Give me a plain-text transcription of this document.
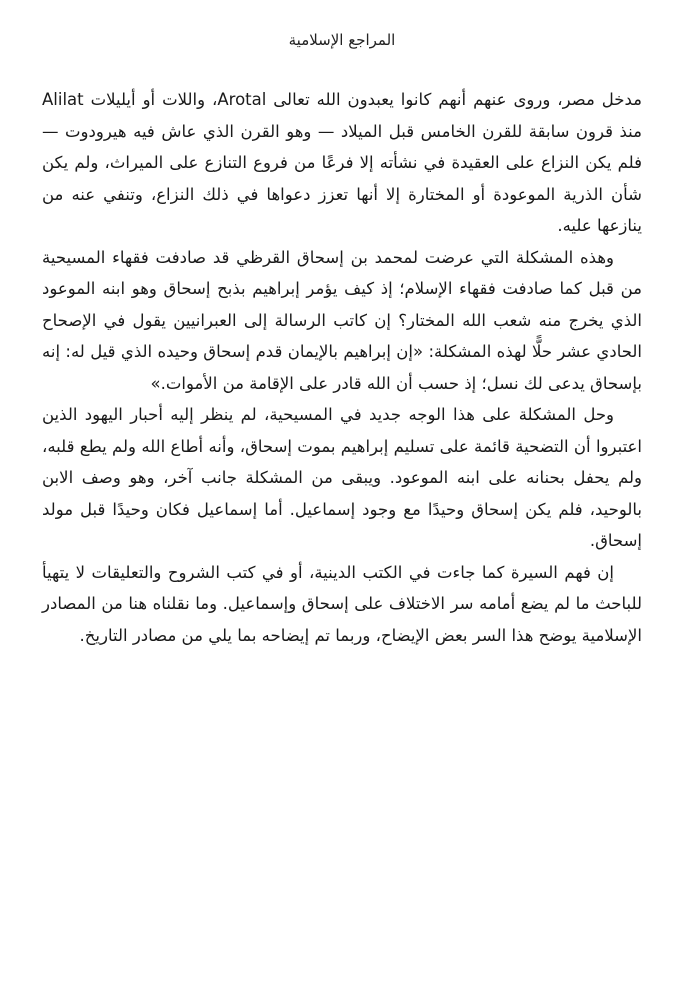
المراجع الإسلامية

مدخل مصر، وروى عنهم أنهم كانوا يعبدون الله تعالى Arotal، واللات أو أيليلات Alilat منذ قرون سابقة للقرن الخامس قبل الميلاد — وهو القرن الذي عاش فيه هيرودوت — فلم يكن النزاع على العقيدة في نشأته إلا فرعًا من فروع التنازع على الميراث، ولم يكن شأن الذرية الموعودة أو المختارة إلا أنها تعزز دعواها في ذلك النزاع، وتنفي عنه من ينازعها عليه.

وهذه المشكلة التي عرضت لمحمد بن إسحاق القرظي قد صادفت فقهاء المسيحية من قبل كما صادفت فقهاء الإسلام؛ إذ كيف يؤمر إبراهيم بذبح إسحاق وهو ابنه الموعود الذي يخرج منه شعب الله المختار؟ إن كاتب الرسالة إلى العبرانيين يقول في الإصحاح الحادي عشر حلًّا لهذه المشكلة: «إن إبراهيم بالإيمان قدم إسحاق وحيده الذي قيل له: إنه بإسحاق يدعى لك نسل؛ إذ حسب أن الله قادر على الإقامة من الأموات.»

وحل المشكلة على هذا الوجه جديد في المسيحية، لم ينظر إليه أحبار اليهود الذين اعتبروا أن التضحية قائمة على تسليم إبراهيم بموت إسحاق، وأنه أطاع الله ولم يطع قلبه، ولم يحفل بحنانه على ابنه الموعود. ويبقى من المشكلة جانب آخر، وهو وصف الابن بالوحيد، فلم يكن إسحاق وحيدًا مع وجود إسماعيل. أما إسماعيل فكان وحيدًا قبل مولد إسحاق.

إن فهم السيرة كما جاءت في الكتب الدينية، أو في كتب الشروح والتعليقات لا يتهيأ للباحث ما لم يضع أمامه سر الاختلاف على إسحاق وإسماعيل. وما نقلناه هنا من المصادر الإسلامية يوضح هذا السر بعض الإيضاح، وربما تم إيضاحه بما يلي من مصادر التاريخ.
